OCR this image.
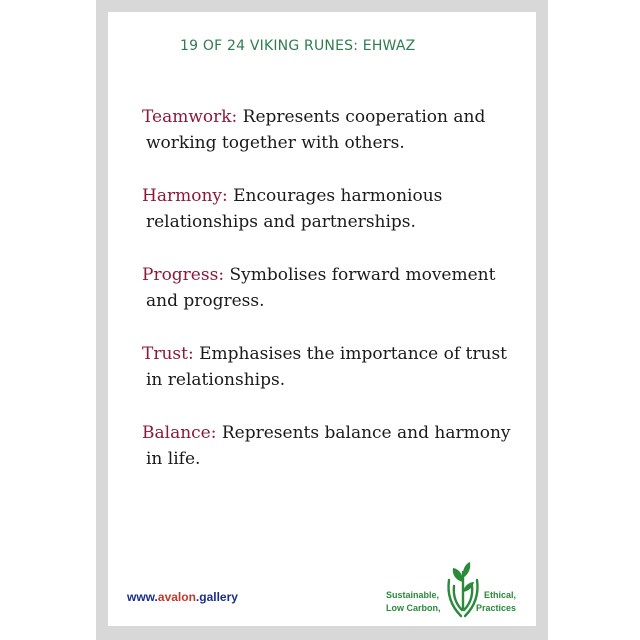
19 OF 24 VIKING RUNES: EHWAZ

Teamwork: Represents cooperation and
working together with others.

Harmony: Encourages harmonious
relationships and partnerships.

Progress: Symbolises forward movement
and progress.

Trust: Emphasises the importance of trust
in relationships.

Balance: Represents balance and harmony
in life.

www.avalon.gallery	Sustainable,
Low Carbon,
Ethical,
Practices
